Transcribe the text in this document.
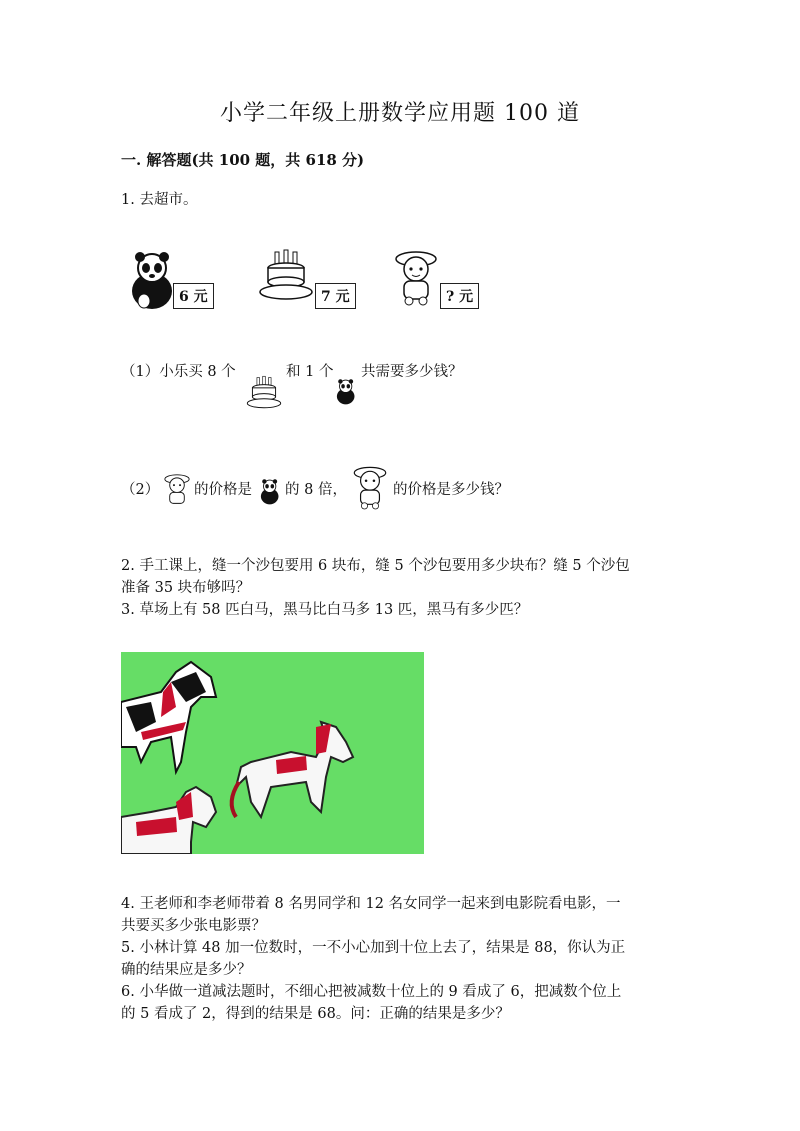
小学二年级上册数学应用题 100 道
一. 解答题(共 100 题，共 618 分)
1. 去超市。
6 元	7 元	? 元
（1）小乐买 8 个	和 1 个 共需要多少钱？
（2） 的价格是 的 8 倍，	的价格是多少钱？
2. 手工课上，缝一个沙包要用 6 块布，缝 5 个沙包要用多少块布？缝 5 个沙包
准备 35 块布够吗？
3. 草场上有 58 匹白马，黑马比白马多 13 匹，黑马有多少匹？
4. 王老师和李老师带着 8 名男同学和 12 名女同学一起来到电影院看电影，一
共要买多少张电影票？
5. 小林计算 48 加一位数时，一不小心加到十位上去了，结果是 88，你认为正
确的结果应是多少？
6. 小华做一道减法题时，不细心把被减数十位上的 9 看成了 6，把减数个位上
的 5 看成了 2，得到的结果是 68。问：正确的结果是多少？
